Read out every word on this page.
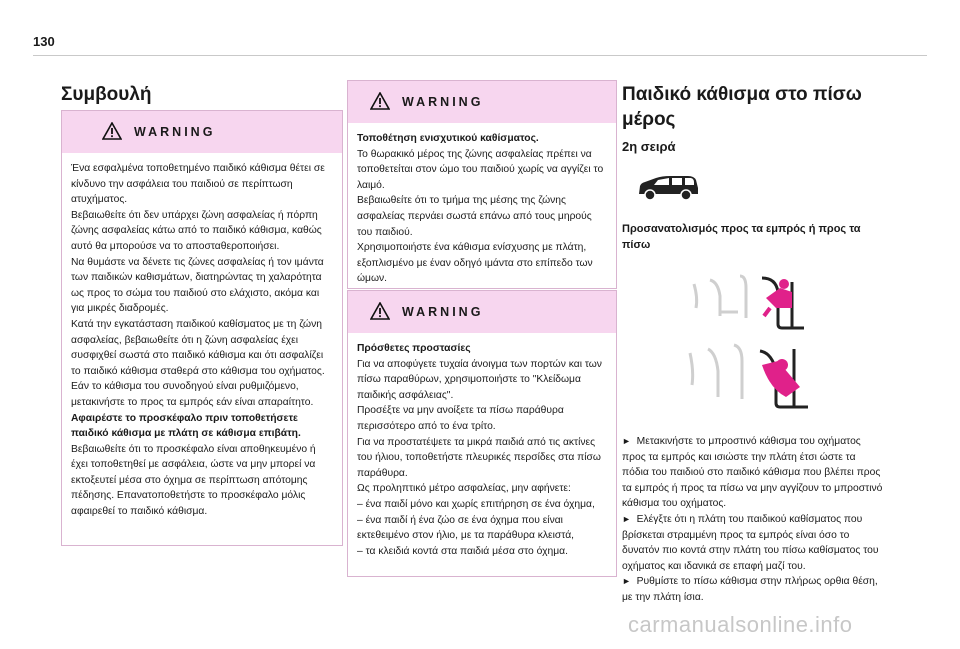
130
Συμβουλή
WARNING

Ένα εσφαλμένα τοποθετημένο παιδικό κάθισμα θέτει σε κίνδυνο την ασφάλεια του παιδιού σε περίπτωση ατυχήματος.

Βεβαιωθείτε ότι δεν υπάρχει ζώνη ασφαλείας ή πόρπη ζώνης ασφαλείας κάτω από το παιδικό κάθισμα, καθώς αυτό θα μπορούσε να το αποσταθεροποιήσει.

Να θυμάστε να δένετε τις ζώνες ασφαλείας ή τον ιμάντα των παιδικών καθισμάτων, διατηρώντας τη χαλαρότητα ως προς το σώμα του παιδιού στο ελάχιστο, ακόμα και για μικρές διαδρομές.

Κατά την εγκατάσταση παιδικού καθίσματος με τη ζώνη ασφαλείας, βεβαιωθείτε ότι η ζώνη ασφαλείας έχει συσφιχθεί σωστά στο παιδικό κάθισμα και ότι ασφαλίζει το παιδικό κάθισμα σταθερά στο κάθισμα του οχήματος. Εάν το κάθισμα του συνοδηγού είναι ρυθμιζόμενο, μετακινήστε το προς τα εμπρός εάν είναι απαραίτητο.

Αφαιρέστε το προσκέφαλο πριν τοποθετήσετε παιδικό κάθισμα με πλάτη σε κάθισμα επιβάτη.

Βεβαιωθείτε ότι το προσκέφαλο είναι αποθηκευμένο ή έχει τοποθετηθεί με ασφάλεια, ώστε να μην μπορεί να εκτοξευτεί μέσα στο όχημα σε περίπτωση απότομης πέδησης. Επανατοποθετήστε το προσκέφαλο μόλις αφαιρεθεί το παιδικό κάθισμα.

WARNING

Τοποθέτηση ενισχυτικού καθίσματος.

Το θωρακικό μέρος της ζώνης ασφαλείας πρέπει να τοποθετείται στον ώμο του παιδιού χωρίς να αγγίζει το λαιμό.

Βεβαιωθείτε ότι το τμήμα της μέσης της ζώνης ασφαλείας περνάει σωστά επάνω από τους μηρούς του παιδιού.

Χρησιμοποιήστε ένα κάθισμα ενίσχυσης με πλάτη, εξοπλισμένο με έναν οδηγό ιμάντα στο επίπεδο των ώμων.

WARNING

Πρόσθετες προστασίες

Για να αποφύγετε τυχαία άνοιγμα των πορτών και των πίσω παραθύρων, χρησιμοποιήστε το "Κλείδωμα παιδικής ασφάλειας".

Προσέξτε να μην ανοίξετε τα πίσω παράθυρα περισσότερο από το ένα τρίτο.

Για να προστατέψετε τα μικρά παιδιά από τις ακτίνες του ήλιου, τοποθετήστε πλευρικές περσίδες στα πίσω παράθυρα.

Ως προληπτικό μέτρο ασφαλείας, μην αφήνετε:

– ένα παιδί μόνο και χωρίς επιτήρηση σε ένα όχημα,

– ένα παιδί ή ένα ζώο σε ένα όχημα που είναι εκτεθειμένο στον ήλιο, με τα παράθυρα κλειστά,

– τα κλειδιά κοντά στα παιδιά μέσα στο όχημα.

Παιδικό κάθισμα στο πίσω μέρος
2η σειρά
Προσανατολισμός προς τα εμπρός ή προς τα πίσω

► Μετακινήστε το μπροστινό κάθισμα του οχήματος προς τα εμπρός και ισιώστε την πλάτη έτσι ώστε τα πόδια του παιδιού στο παιδικό κάθισμα που βλέπει προς τα εμπρός ή προς τα πίσω να μην αγγίζουν το μπροστινό κάθισμα του οχήματος.

► Ελέγξτε ότι η πλάτη του παιδικού καθίσματος που βρίσκεται στραμμένη προς τα εμπρός είναι όσο το δυνατόν πιο κοντά στην πλάτη του πίσω καθίσματος του οχήματος και ιδανικά σε επαφή μαζί του.

► Ρυθμίστε το πίσω κάθισμα στην πλήρως ορθια θέση, με την πλάτη ίσια.

carmanualsonline.info
